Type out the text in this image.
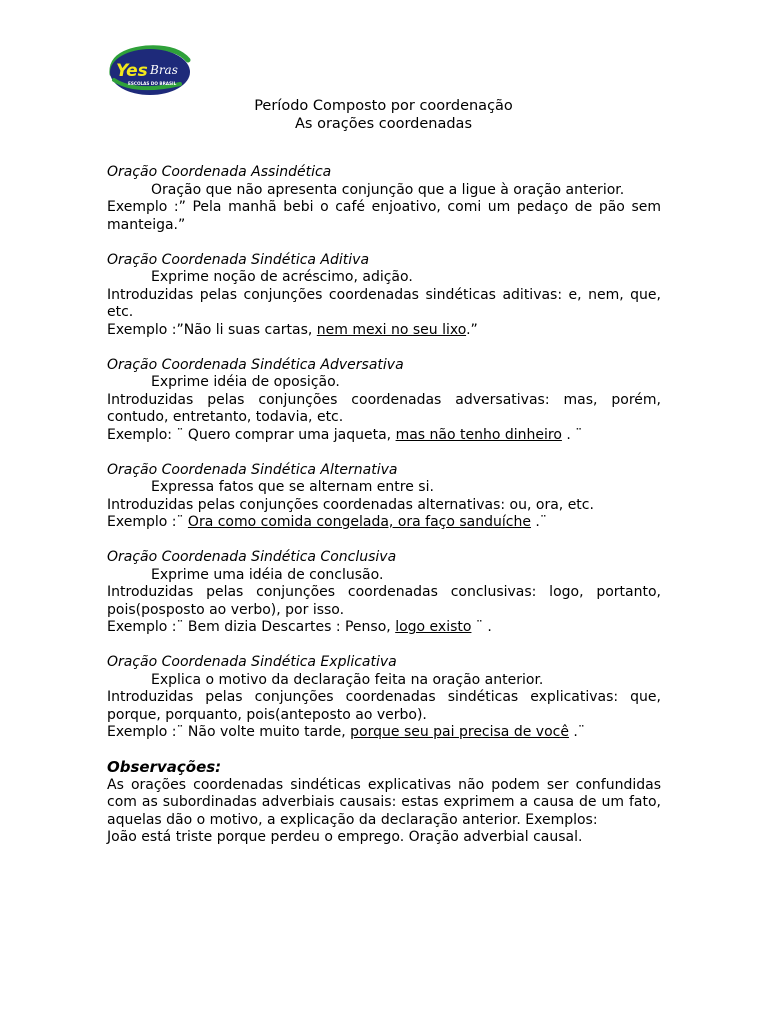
Yes Bras
ESCOLAS DO BRASIL
Período Composto por coordenação
As orações coordenadas
Oração Coordenada Assindética
Oração que não apresenta conjunção que a ligue à oração anterior.
Exemplo :” Pela manhã bebi o café enjoativo, comi um pedaço de pão sem manteiga.”
Oração Coordenada Sindética Aditiva
Exprime noção de acréscimo, adição.
Introduzidas pelas conjunções coordenadas sindéticas aditivas: e, nem, que, etc.
Exemplo :”Não li suas cartas, nem mexi no seu lixo.”
Oração Coordenada Sindética Adversativa
Exprime idéia de oposição.
Introduzidas pelas conjunções coordenadas adversativas: mas, porém, contudo, entretanto, todavia, etc.
Exemplo: ¨ Quero comprar uma jaqueta, mas não tenho dinheiro . ¨
Oração Coordenada Sindética Alternativa
Expressa fatos que se alternam entre si.
Introduzidas pelas conjunções coordenadas alternativas: ou, ora, etc.
Exemplo :¨ Ora como comida congelada, ora faço sanduíche .¨
Oração Coordenada Sindética Conclusiva
Exprime uma idéia de conclusão.
Introduzidas pelas conjunções coordenadas conclusivas: logo, portanto, pois(posposto ao verbo), por isso.
Exemplo :¨ Bem dizia Descartes : Penso, logo existo ¨ .
Oração Coordenada Sindética Explicativa
Explica o motivo da declaração feita na oração anterior.
Introduzidas pelas conjunções coordenadas sindéticas explicativas: que, porque, porquanto, pois(anteposto ao verbo).
Exemplo :¨ Não volte muito tarde, porque seu pai precisa de você .¨
Observações:
As orações coordenadas sindéticas explicativas não podem ser confundidas com as subordinadas adverbiais causais: estas exprimem a causa de um fato, aquelas dão o motivo, a explicação da declaração anterior. Exemplos:
João está triste porque perdeu o emprego. Oração adverbial causal.
